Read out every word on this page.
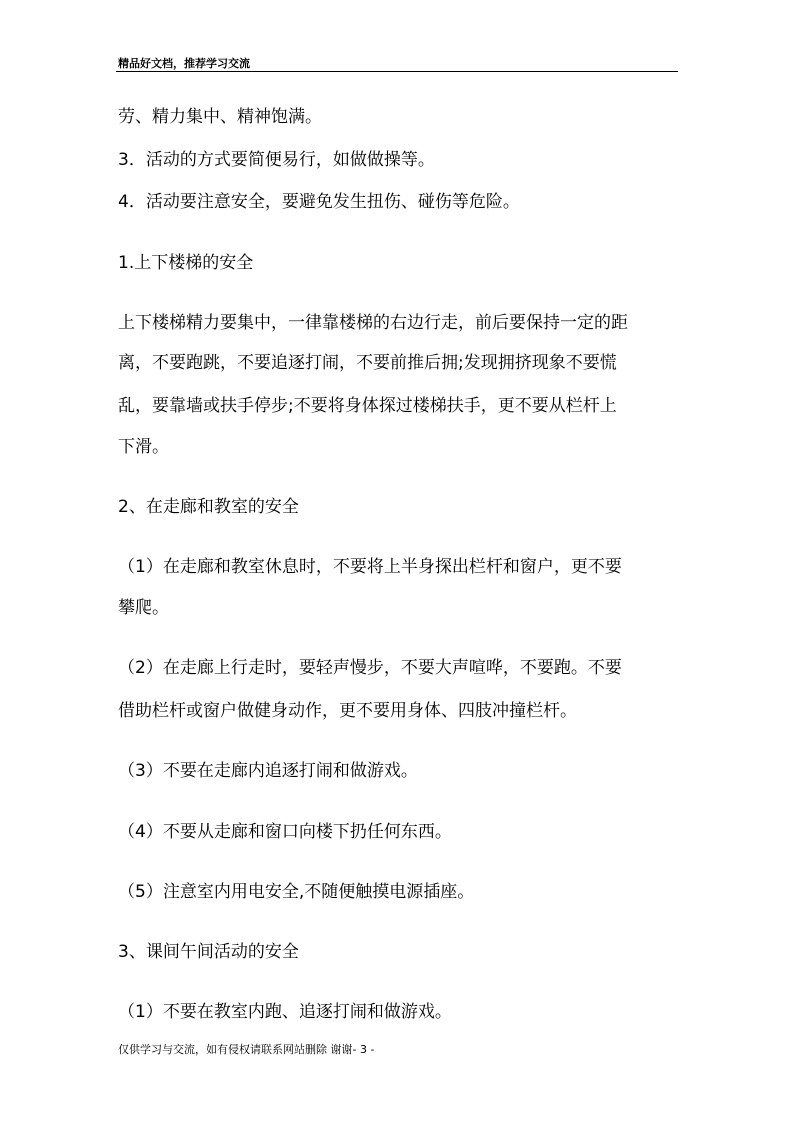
精品好文档，推荐学习交流
劳、精力集中、精神饱满。
3．活动的方式要简便易行，如做做操等。
4．活动要注意安全，要避免发生扭伤、碰伤等危险。
1.上下楼梯的安全
上下楼梯精力要集中，一律靠楼梯的右边行走，前后要保持一定的距
离，不要跑跳，不要追逐打闹，不要前推后拥;发现拥挤现象不要慌
乱，要靠墙或扶手停步;不要将身体探过楼梯扶手，更不要从栏杆上
下滑。
2、在走廊和教室的安全
（1）在走廊和教室休息时，不要将上半身探出栏杆和窗户，更不要
攀爬。
（2）在走廊上行走时，要轻声慢步，不要大声喧哗，不要跑。不要
借助栏杆或窗户做健身动作，更不要用身体、四肢冲撞栏杆。
（3）不要在走廊内追逐打闹和做游戏。
（4）不要从走廊和窗口向楼下扔任何东西。
（5）注意室内用电安全,不随便触摸电源插座。
3、课间午间活动的安全
（1）不要在教室内跑、追逐打闹和做游戏。
仅供学习与交流，如有侵权请联系网站删除 谢谢- 3 -
